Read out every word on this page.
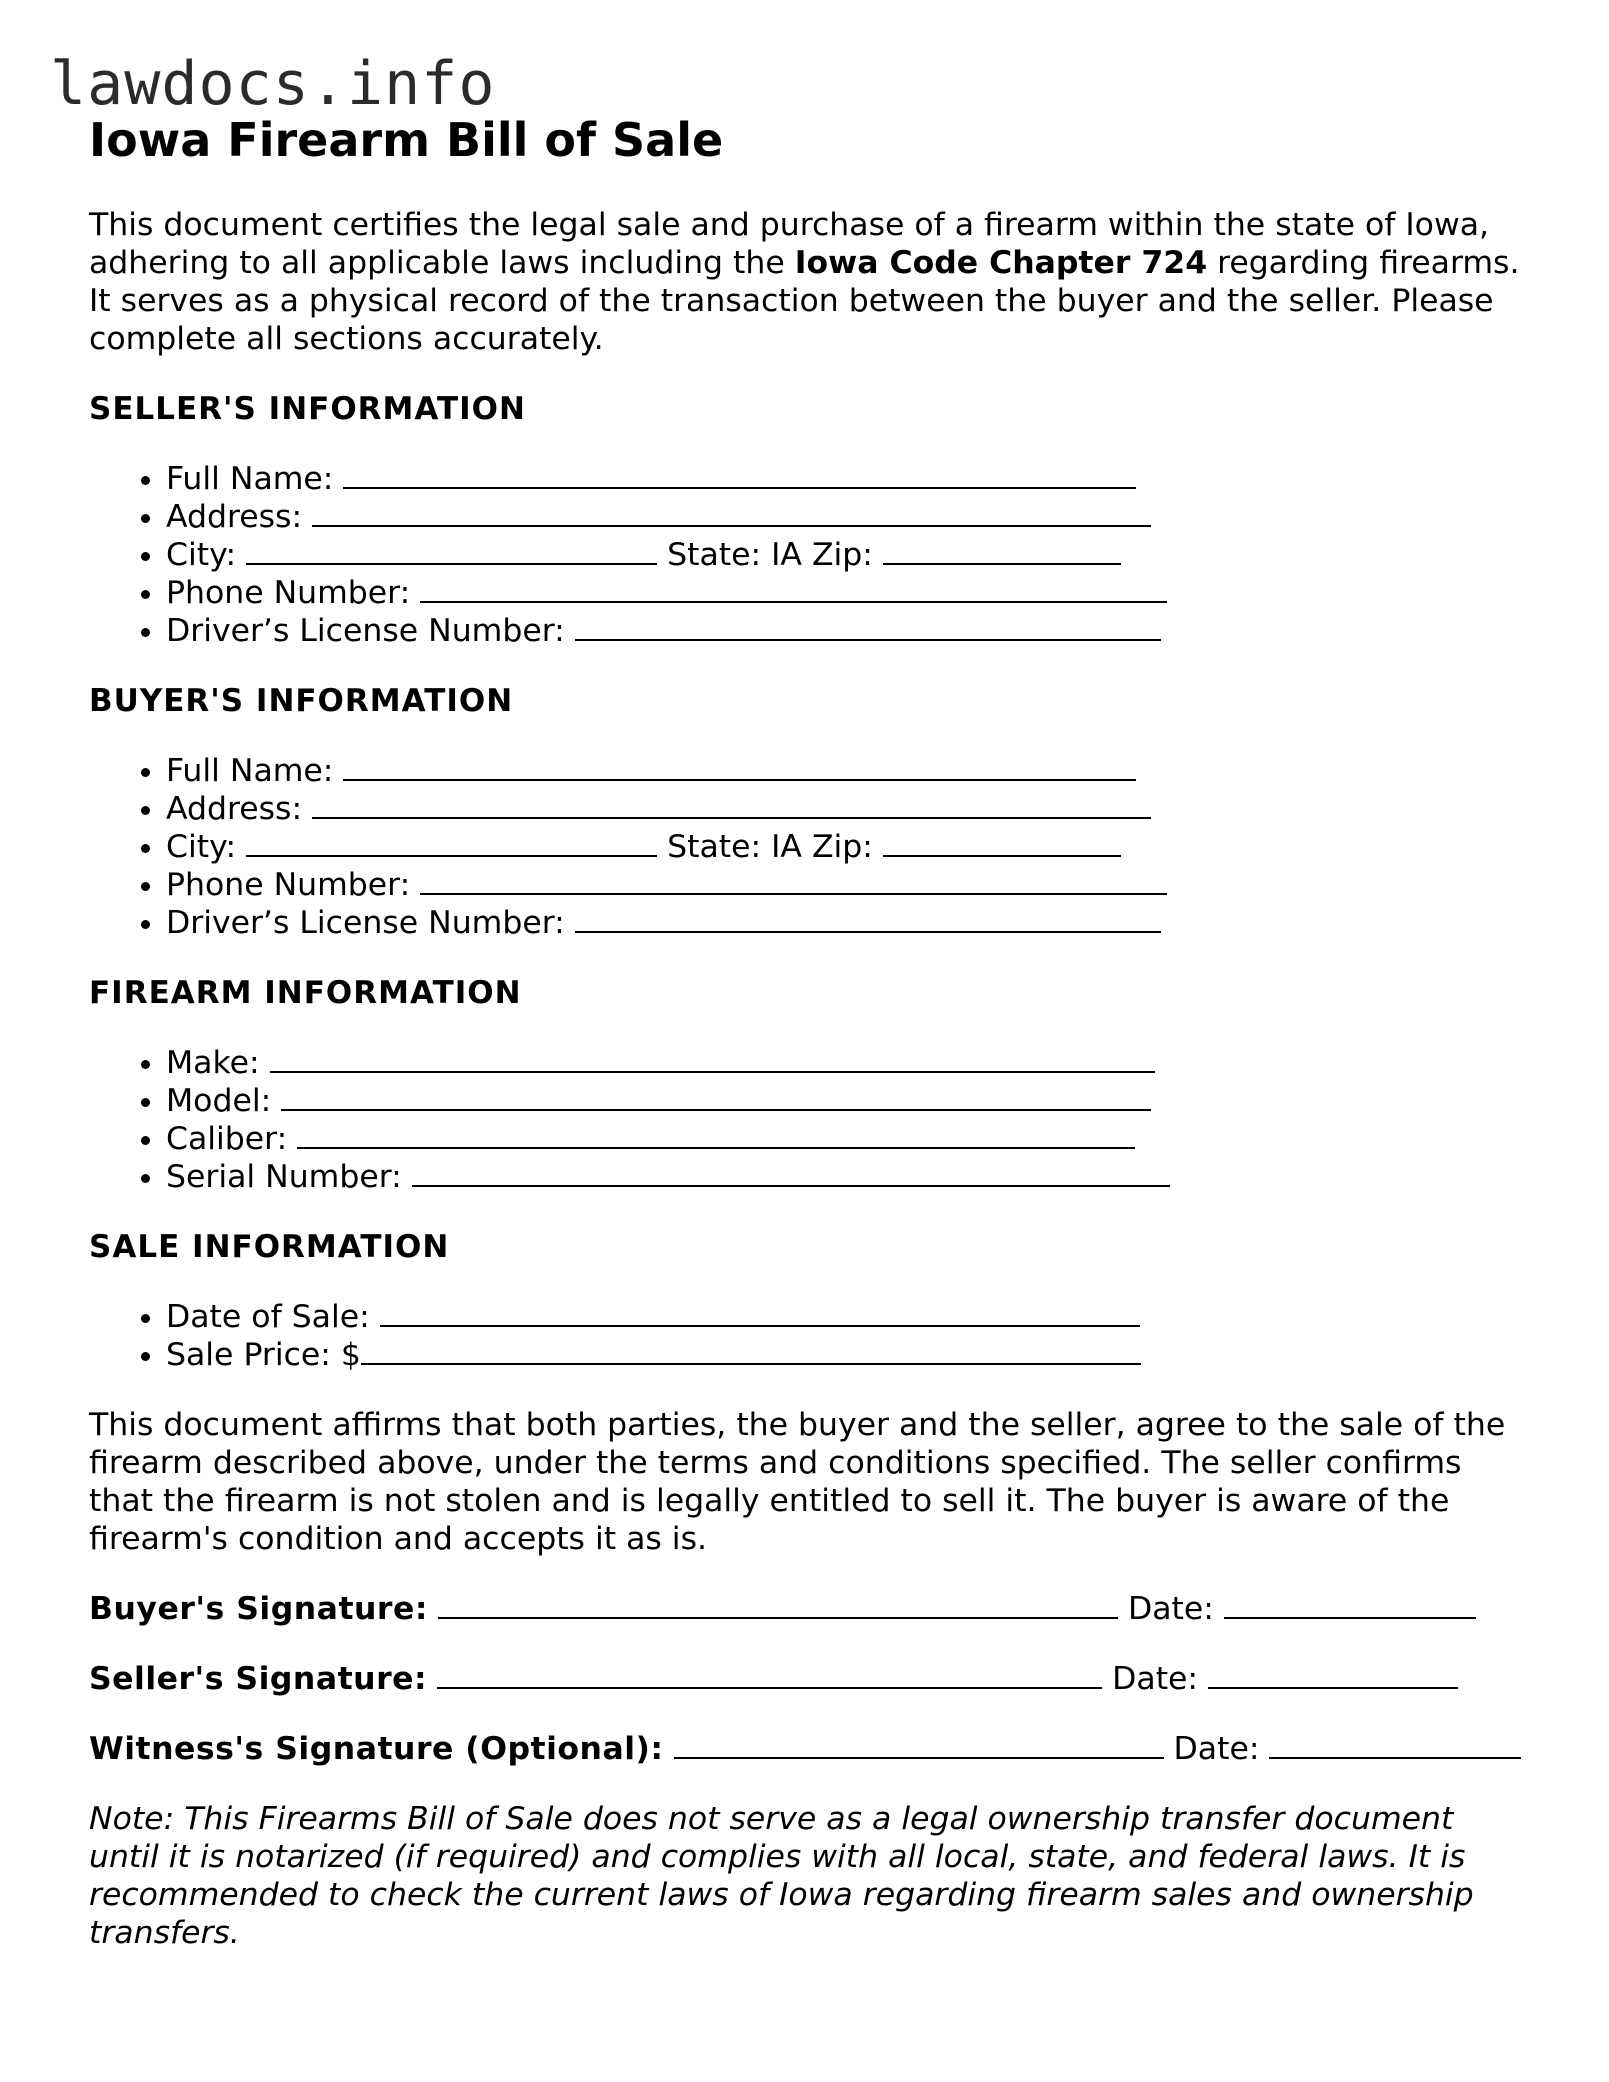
lawdocs.info
Iowa Firearm Bill of Sale

This document certifies the legal sale and purchase of a firearm within the state of Iowa, adhering to all applicable laws including the Iowa Code Chapter 724 regarding firearms. It serves as a physical record of the transaction between the buyer and the seller. Please complete all sections accurately.

SELLER'S INFORMATION
• Full Name:
• Address:
• City:	State: IA Zip:
• Phone Number:
• Driver’s License Number:
BUYER'S INFORMATION
• Full Name:
• Address:
• City:	State: IA Zip:
• Phone Number:
• Driver’s License Number:
FIREARM INFORMATION
• Make:
• Model:
• Caliber:
• Serial Number:
SALE INFORMATION
• Date of Sale:
• Sale Price: $

This document affirms that both parties, the buyer and the seller, agree to the sale of the firearm described above, under the terms and conditions specified. The seller confirms that the firearm is not stolen and is legally entitled to sell it. The buyer is aware of the firearm's condition and accepts it as is.

Buyer's Signature:	Date:

Seller's Signature:	Date:

Witness's Signature (Optional):	Date:

Note: This Firearms Bill of Sale does not serve as a legal ownership transfer document until it is notarized (if required) and complies with all local, state, and federal laws. It is recommended to check the current laws of Iowa regarding firearm sales and ownership transfers.
